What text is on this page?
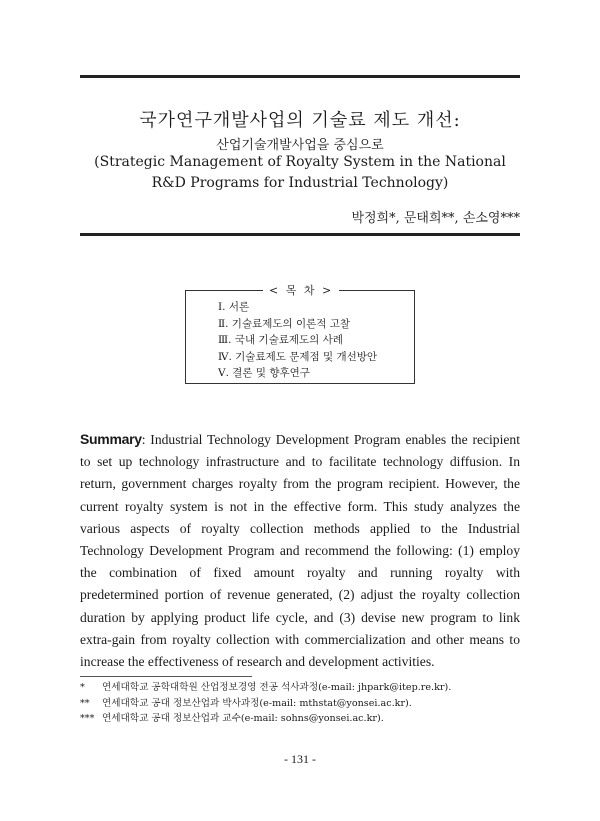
국가연구개발사업의 기술료 제도 개선:
산업기술개발사업을 중심으로
(Strategic Management of Royalty System in the National
R&D Programs for Industrial Technology)
박정희*, 문태희**, 손소영***
< 목 차 >
Ⅰ. 서론
Ⅱ. 기술료제도의 이론적 고찰
Ⅲ. 국내 기술료제도의 사례
Ⅳ. 기술료제도 문제점 및 개선방안
Ⅴ. 결론 및 향후연구
Summary: Industrial Technology Development Program enables the recipient to set up technology infrastructure and to facilitate technology diffusion. In return, government charges royalty from the program recipient. However, the current royalty system is not in the effective form. This study analyzes the various aspects of royalty collection methods applied to the Industrial Technology Development Program and recommend the following: (1) employ the combination of fixed amount royalty and running royalty with predetermined portion of revenue generated, (2) adjust the royalty collection duration by applying product life cycle, and (3) devise new program to link extra-gain from royalty collection with commercialization and other means to increase the effectiveness of research and development activities.
* 연세대학교 공학대학원 산업정보경영 전공 석사과정(e-mail: jhpark@itep.re.kr).
** 연세대학교 공대 정보산업과 박사과정(e-mail: mthstat@yonsei.ac.kr).
*** 연세대학교 공대 정보산업과 교수(e-mail: sohns@yonsei.ac.kr).
- 131 -
